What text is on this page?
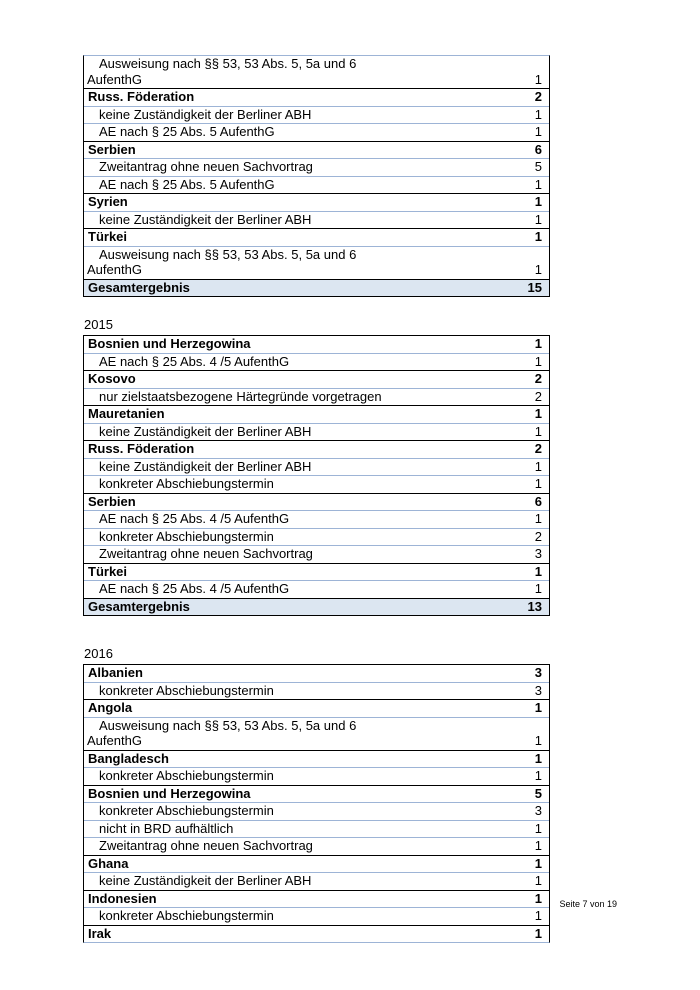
Ausweisung nach §§ 53, 53 Abs. 5, 5a und 6
AufenthG	1
Russ. Föderation	2
keine Zuständigkeit der Berliner ABH	1
AE nach § 25 Abs. 5 AufenthG	1
Serbien	6
Zweitantrag ohne neuen Sachvortrag	5
AE nach § 25 Abs. 5 AufenthG	1
Syrien	1
keine Zuständigkeit der Berliner ABH	1
Türkei	1
Ausweisung nach §§ 53, 53 Abs. 5, 5a und 6
AufenthG	1
Gesamtergebnis	15
2015
Bosnien und Herzegowina	1
AE nach § 25 Abs. 4 /5 AufenthG	1
Kosovo	2
nur zielstaatsbezogene Härtegründe vorgetragen	2
Mauretanien	1
keine Zuständigkeit der Berliner ABH	1
Russ. Föderation	2
keine Zuständigkeit der Berliner ABH	1
konkreter Abschiebungstermin	1
Serbien	6
AE nach § 25 Abs. 4 /5 AufenthG	1
konkreter Abschiebungstermin	2
Zweitantrag ohne neuen Sachvortrag	3
Türkei	1
AE nach § 25 Abs. 4 /5 AufenthG	1
Gesamtergebnis	13
2016
Albanien	3
konkreter Abschiebungstermin	3
Angola	1
Ausweisung nach §§ 53, 53 Abs. 5, 5a und 6
AufenthG	1
Bangladesch	1
konkreter Abschiebungstermin	1
Bosnien und Herzegowina	5
konkreter Abschiebungstermin	3
nicht in BRD aufhältlich	1
Zweitantrag ohne neuen Sachvortrag	1
Ghana	1
keine Zuständigkeit der Berliner ABH	1
Indonesien	1
konkreter Abschiebungstermin	1
Irak	1
Seite 7 von 19
